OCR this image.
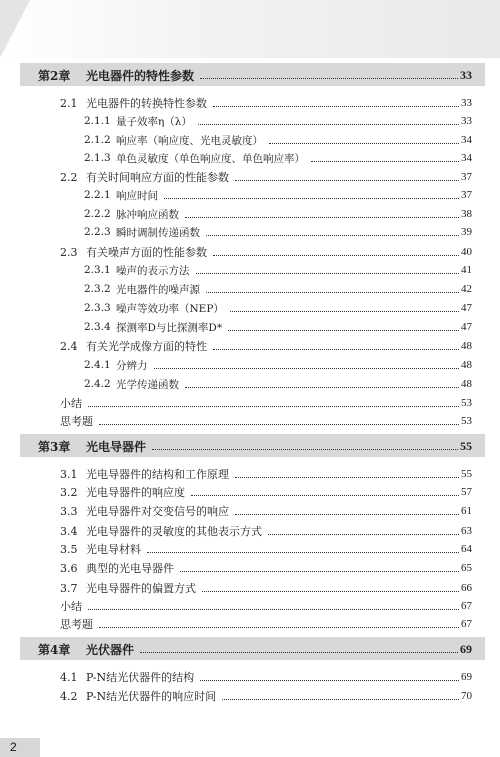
第2章	光电器件的特性参数	33
2.1 光电器件的转换特性参数	33
2.1.1 量子效率η（λ）	33
2.1.2 响应率（响应度、光电灵敏度）	34
2.1.3 单色灵敏度（单色响应度、单色响应率）	34
2.2 有关时间响应方面的性能参数	37
2.2.1 响应时间	37
2.2.2 脉冲响应函数	38
2.2.3 瞬时调制传递函数	39
2.3 有关噪声方面的性能参数	40
2.3.1 噪声的表示方法	41
2.3.2 光电器件的噪声源	42
2.3.3 噪声等效功率（NEP）	47
2.3.4 探测率D与比探测率D*	47
2.4 有关光学成像方面的特性	48
2.4.1 分辨力	48
2.4.2 光学传递函数	48
小结	53
思考题	53
第3章	光电导器件	55
3.1 光电导器件的结构和工作原理	55
3.2 光电导器件的响应度	57
3.3 光电导器件对交变信号的响应	61
3.4 光电导器件的灵敏度的其他表示方式	63
3.5 光电导材料	64
3.6 典型的光电导器件	65
3.7 光电导器件的偏置方式	66
小结	67
思考题	67
第4章	光伏器件	69
4.1 P-N结光伏器件的结构	69
4.2 P-N结光伏器件的响应时间	70
2
